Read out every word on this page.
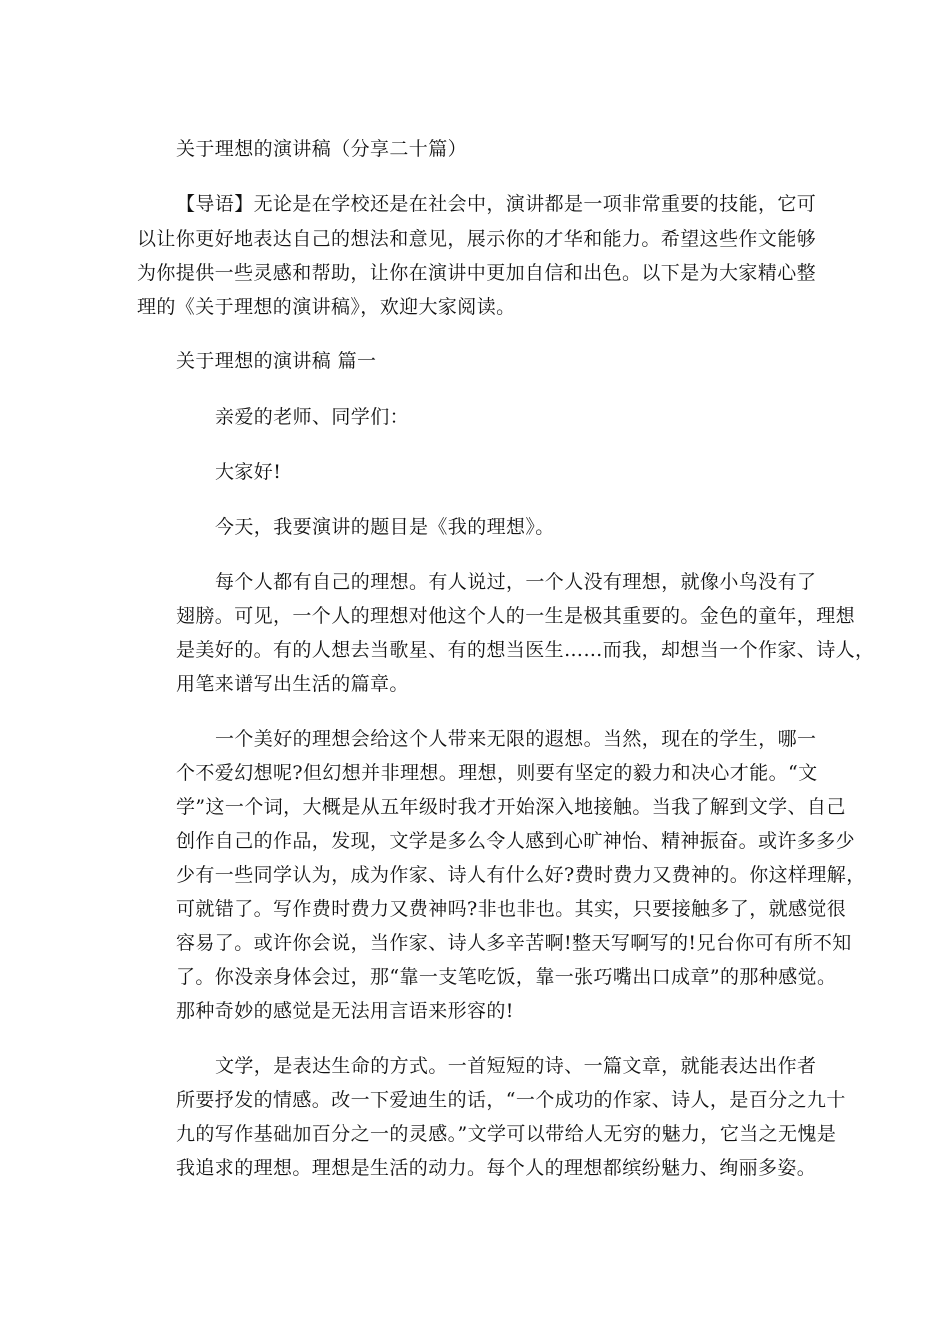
关于理想的演讲稿（分享二十篇）
【导语】无论是在学校还是在社会中，演讲都是一项非常重要的技能，它可
以让你更好地表达自己的想法和意见，展示你的才华和能力。希望这些作文能够
为你提供一些灵感和帮助，让你在演讲中更加自信和出色。以下是为大家精心整
理的《关于理想的演讲稿》，欢迎大家阅读。
关于理想的演讲稿 篇一
亲爱的老师、同学们：
大家好!
今天，我要演讲的题目是《我的理想》。
每个人都有自己的理想。有人说过，一个人没有理想，就像小鸟没有了
翅膀。可见，一个人的理想对他这个人的一生是极其重要的。金色的童年，理想
是美好的。有的人想去当歌星、有的想当医生……而我，却想当一个作家、诗人，
用笔来谱写出生活的篇章。
一个美好的理想会给这个人带来无限的遐想。当然，现在的学生，哪一
个不爱幻想呢?但幻想并非理想。理想，则要有坚定的毅力和决心才能。“文
学”这一个词，大概是从五年级时我才开始深入地接触。当我了解到文学、自己
创作自己的作品，发现，文学是多么令人感到心旷神怡、精神振奋。或许多多少
少有一些同学认为，成为作家、诗人有什么好?费时费力又费神的。你这样理解，
可就错了。写作费时费力又费神吗?非也非也。其实，只要接触多了，就感觉很
容易了。或许你会说，当作家、诗人多辛苦啊!整天写啊写的!兄台你可有所不知
了。你没亲身体会过，那“靠一支笔吃饭，靠一张巧嘴出口成章”的那种感觉。
那种奇妙的感觉是无法用言语来形容的!
文学，是表达生命的方式。一首短短的诗、一篇文章，就能表达出作者
所要抒发的情感。改一下爱迪生的话，“一个成功的作家、诗人，是百分之九十
九的写作基础加百分之一的灵感。”文学可以带给人无穷的魅力，它当之无愧是
我追求的理想。理想是生活的动力。每个人的理想都缤纷魅力、绚丽多姿。
